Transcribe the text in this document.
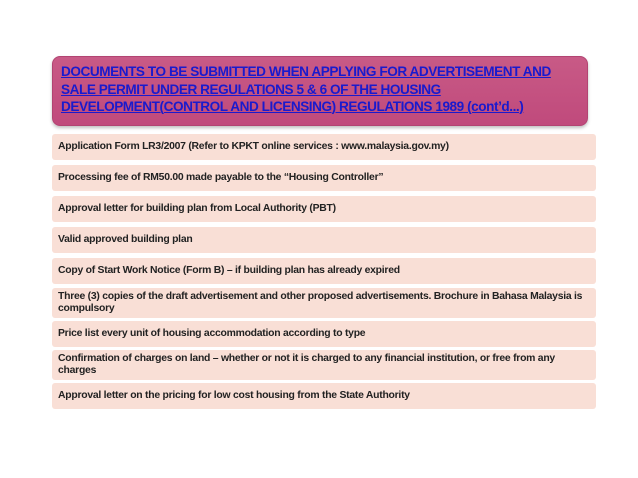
DOCUMENTS TO BE SUBMITTED WHEN APPLYING FOR ADVERTISEMENT AND SALE PERMIT UNDER REGULATIONS 5 & 6 OF THE HOUSING DEVELOPMENT(CONTROL AND LICENSING) REGULATIONS 1989 (cont’d...)

Application Form LR3/2007 (Refer to KPKT online services : www.malaysia.gov.my)
Processing fee of RM50.00 made payable to the “Housing Controller”
Approval letter for building plan from Local Authority (PBT)
Valid approved building plan
Copy of Start Work Notice (Form B) – if building plan has already expired
Three (3) copies of the draft advertisement and other proposed advertisements. Brochure in Bahasa Malaysia is compulsory
Price list every unit of housing accommodation according to type
Confirmation of charges on land – whether or not it is charged to any financial institution, or free from any charges
Approval letter on the pricing for low cost housing from the State Authority
